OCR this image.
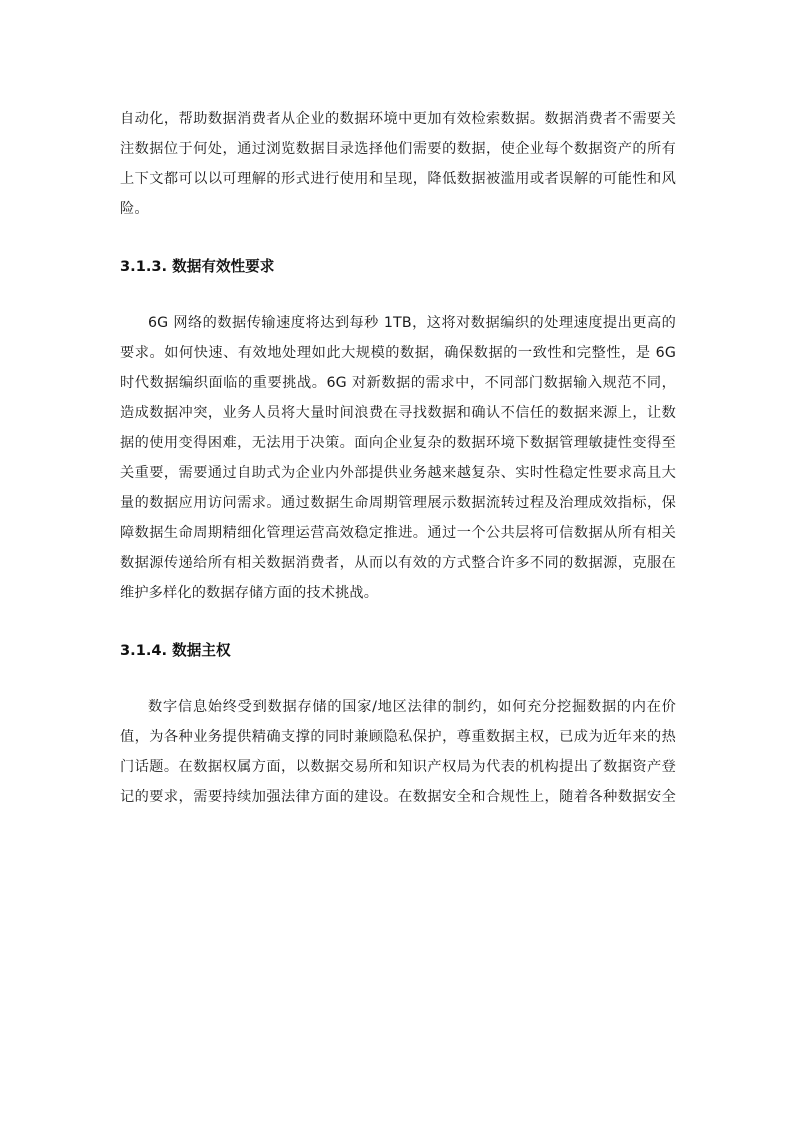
自动化，帮助数据消费者从企业的数据环境中更加有效检索数据。数据消费者不需要关
注数据位于何处，通过浏览数据目录选择他们需要的数据，使企业每个数据资产的所有
上下文都可以以可理解的形式进行使用和呈现，降低数据被滥用或者误解的可能性和风
险。
3.1.3. 数据有效性要求
6G 网络的数据传输速度将达到每秒 1TB，这将对数据编织的处理速度提出更高的
要求。如何快速、有效地处理如此大规模的数据，确保数据的一致性和完整性，是 6G
时代数据编织面临的重要挑战。6G 对新数据的需求中，不同部门数据输入规范不同，
造成数据冲突，业务人员将大量时间浪费在寻找数据和确认不信任的数据来源上，让数
据的使用变得困难，无法用于决策。面向企业复杂的数据环境下数据管理敏捷性变得至
关重要，需要通过自助式为企业内外部提供业务越来越复杂、实时性稳定性要求高且大
量的数据应用访问需求。通过数据生命周期管理展示数据流转过程及治理成效指标，保
障数据生命周期精细化管理运营高效稳定推进。通过一个公共层将可信数据从所有相关
数据源传递给所有相关数据消费者，从而以有效的方式整合许多不同的数据源，克服在
维护多样化的数据存储方面的技术挑战。
3.1.4. 数据主权
数字信息始终受到数据存储的国家/地区法律的制约，如何充分挖掘数据的内在价
值，为各种业务提供精确支撑的同时兼顾隐私保护，尊重数据主权，已成为近年来的热
门话题。在数据权属方面，以数据交易所和知识产权局为代表的机构提出了数据资产登
记的要求，需要持续加强法律方面的建设。在数据安全和合规性上，随着各种数据安全
